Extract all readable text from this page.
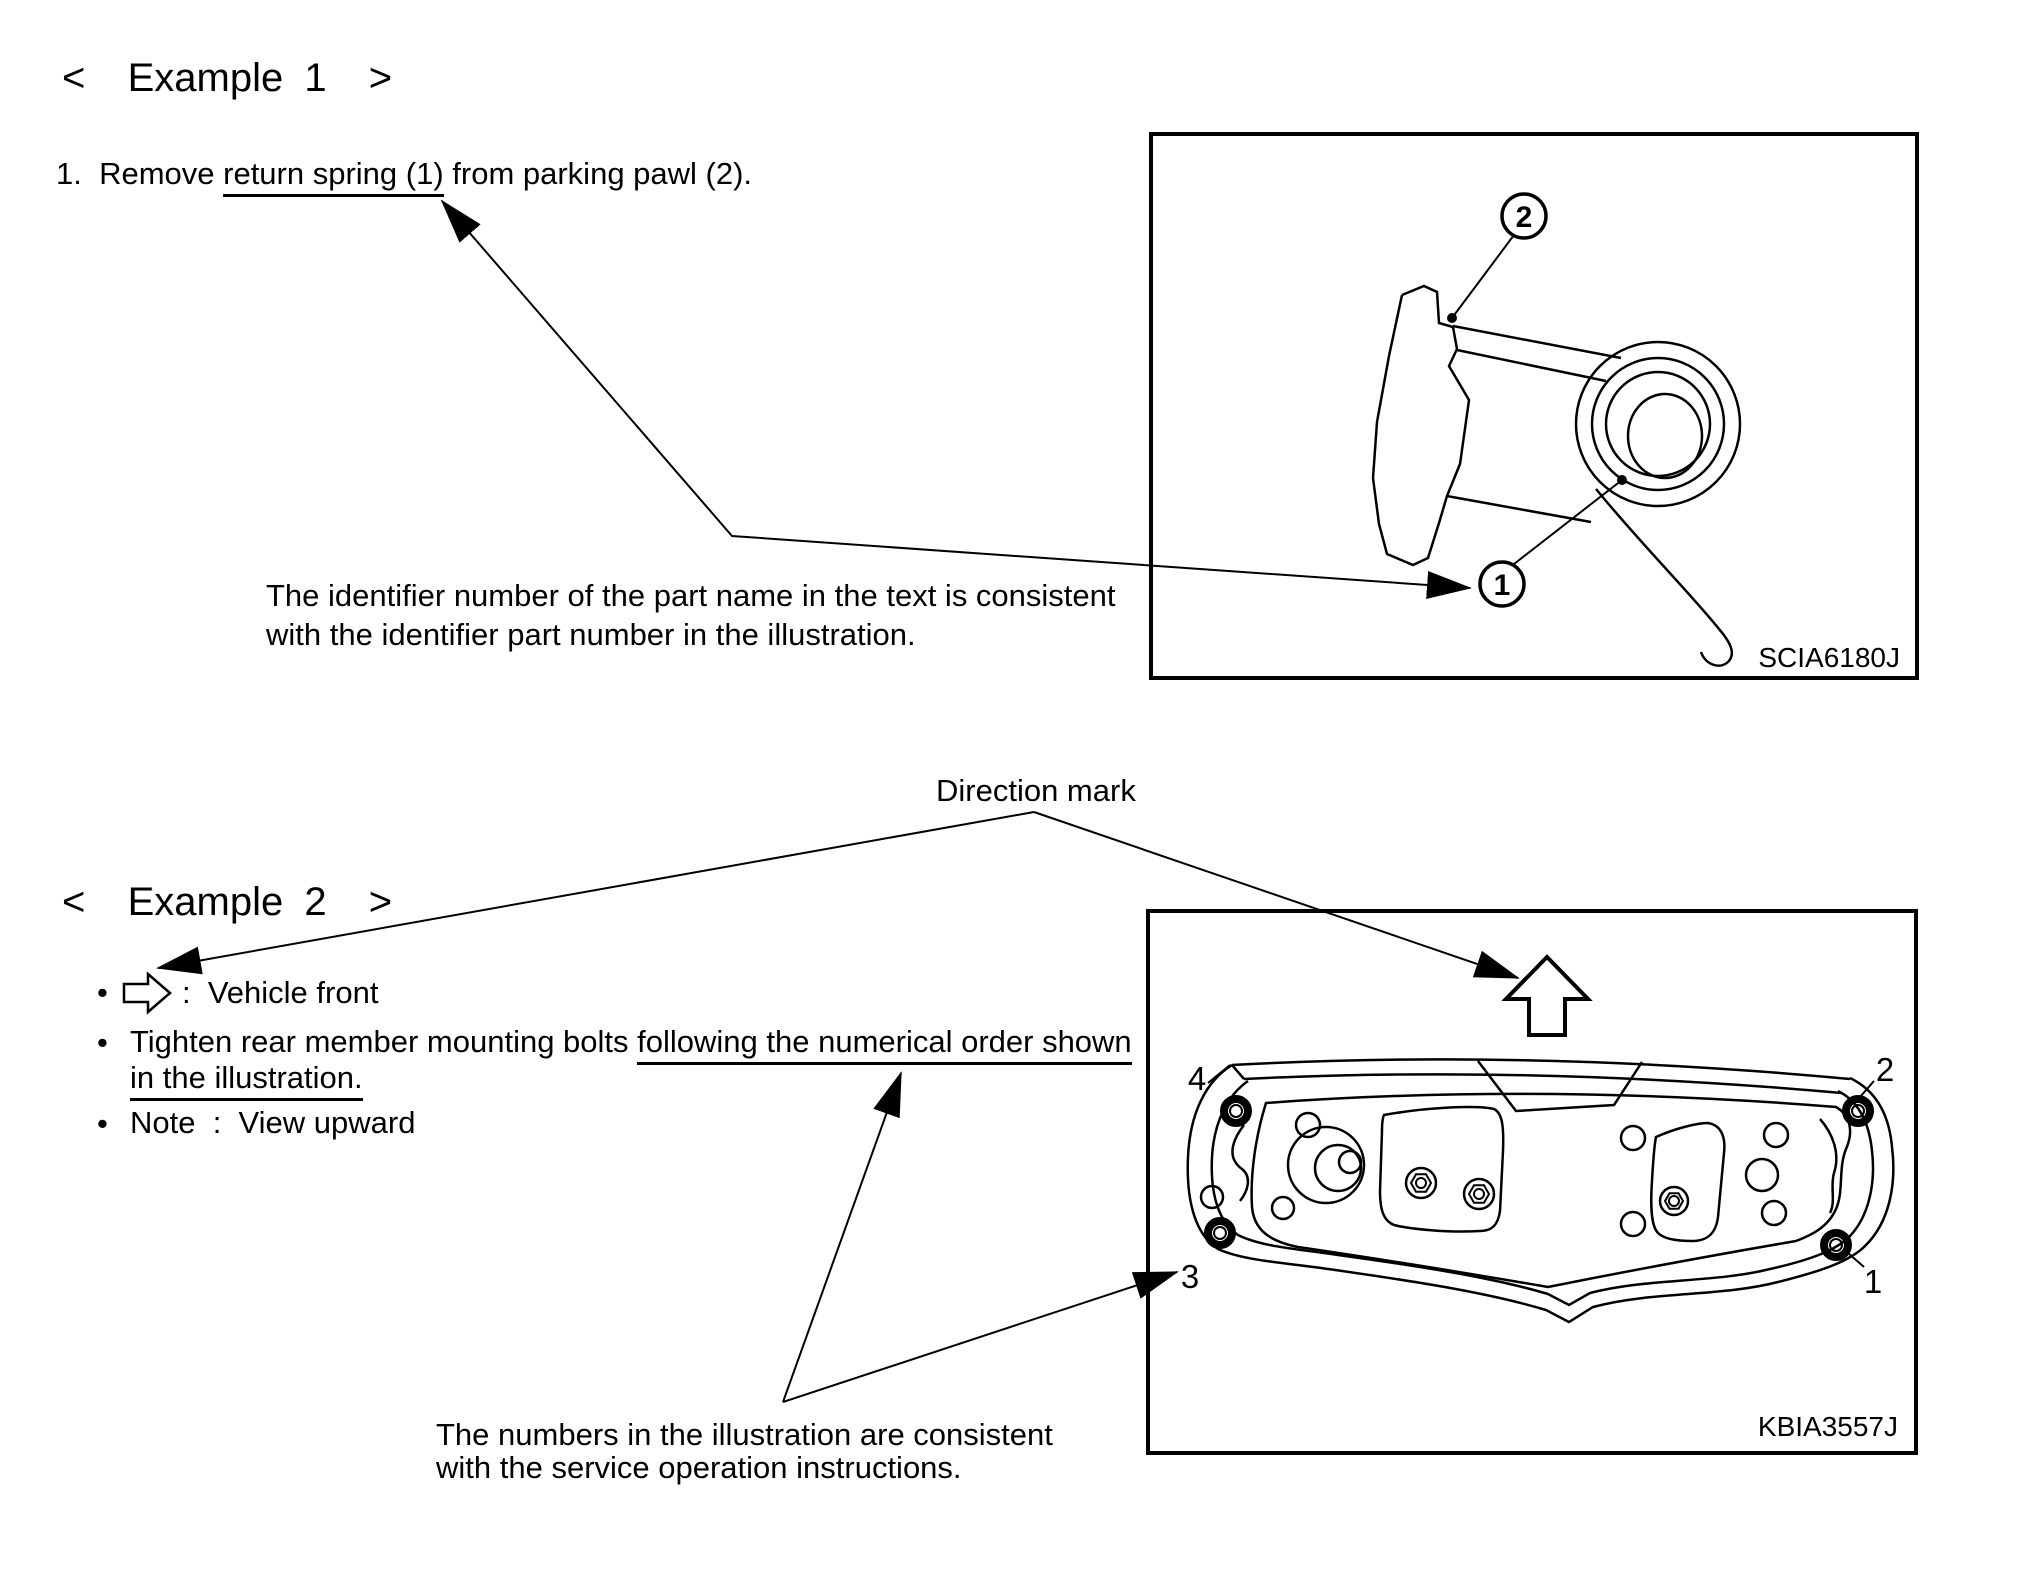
2
1
4	2
3	1
<  Example 1  >
1.  Remove return spring (1) from parking pawl (2).
The identifier number of the part name in the text is consistent
with the identifier part number in the illustration.
SCIA6180J
Direction mark
<  Example 2  >
• :  Vehicle front
• Tighten rear member mounting bolts following the numerical order shown
in the illustration.
• Note  :  View upward
The numbers in the illustration are consistent
with the service operation instructions.
KBIA3557J
